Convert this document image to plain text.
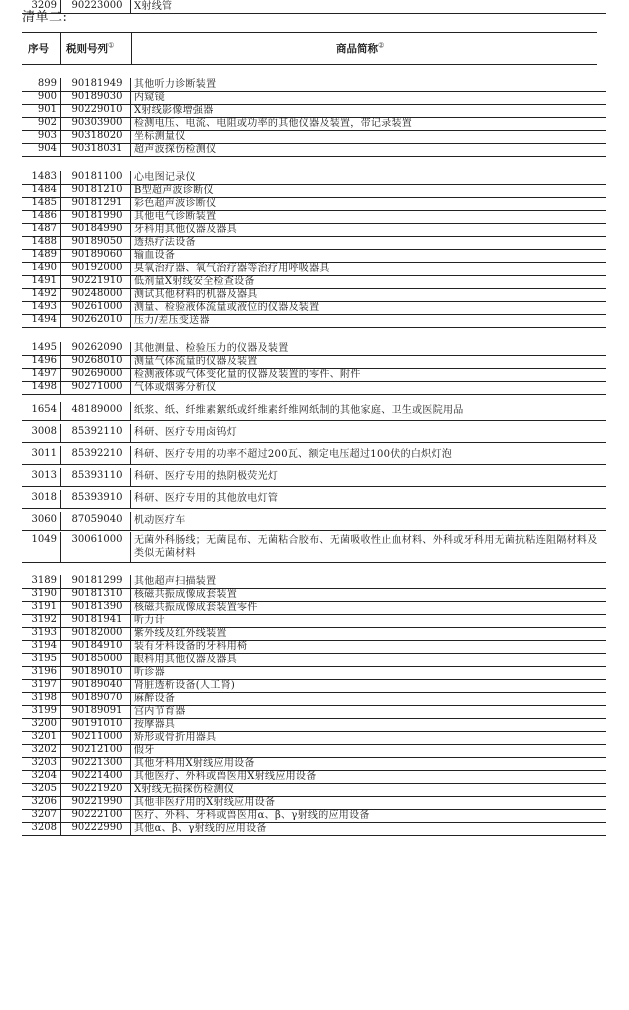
清单二:
序号 税则号列①	商品简称②
899	90181949	其他听力诊断装置
900	90189030	内窥镜
901	90229010	X射线影像增强器
902	90303900	检测电压、电流、电阻或功率的其他仪器及装置，带记录装置
903	90318020	坐标测量仪
904	90318031	超声波探伤检测仪
1483	90181100	心电图记录仪
1484	90181210	B型超声波诊断仪
1485	90181291	彩色超声波诊断仪
1486	90181990	其他电气诊断装置
1487	90184990	牙科用其他仪器及器具
1488	90189050	透热疗法设备
1489	90189060	输血设备
1490	90192000	臭氧治疗器、氧气治疗器等治疗用呼吸器具
1491	90221910	低剂量X射线安全检查设备
1492	90248000	测试其他材料的机器及器具
1493	90261000	测量、检验液体流量或液位的仪器及装置
1494	90262010	压力/差压变送器
1495	90262090	其他测量、检验压力的仪器及装置
1496	90268010	测量气体流量的仪器及装置
1497	90269000	检测液体或气体变化量的仪器及装置的零件、附件
1498	90271000	气体或烟雾分析仪
1654	48189000	纸浆、纸、纤维素絮纸或纤维素纤维网纸制的其他家庭、卫生或医院用品
3008	85392110	科研、医疗专用卤钨灯
3011	85392210	科研、医疗专用的功率不超过200瓦、额定电压超过100伏的白炽灯泡
3013	85393110	科研、医疗专用的热阴极荧光灯
3018	85393910	科研、医疗专用的其他放电灯管
3060	87059040	机动医疗车
1049	30061000	无菌外科肠线；无菌昆布、无菌粘合胶布、无菌吸收性止血材料、外科或牙科用无菌抗粘连阻隔材料及类似无菌材料
3189	90181299	其他超声扫描装置
3190	90181310	核磁共振成像成套装置
3191	90181390	核磁共振成像成套装置零件
3192	90181941	听力计
3193	90182000	紫外线及红外线装置
3194	90184910	装有牙科设备的牙科用椅
3195	90185000	眼科用其他仪器及器具
3196	90189010	听诊器
3197	90189040	肾脏透析设备(人工肾)
3198	90189070	麻醉设备
3199	90189091	宫内节育器
3200	90191010	按摩器具
3201	90211000	矫形或骨折用器具
3202	90212100	假牙
3203	90221300	其他牙科用X射线应用设备
3204	90221400	其他医疗、外科或兽医用X射线应用设备
3205	90221920	X射线无损探伤检测仪
3206	90221990	其他非医疗用的X射线应用设备
3207	90222100	医疗、外科、牙科或兽医用α、β、γ射线的应用设备
3208	90222990	其他α、β、γ射线的应用设备
3209	90223000	X射线管
